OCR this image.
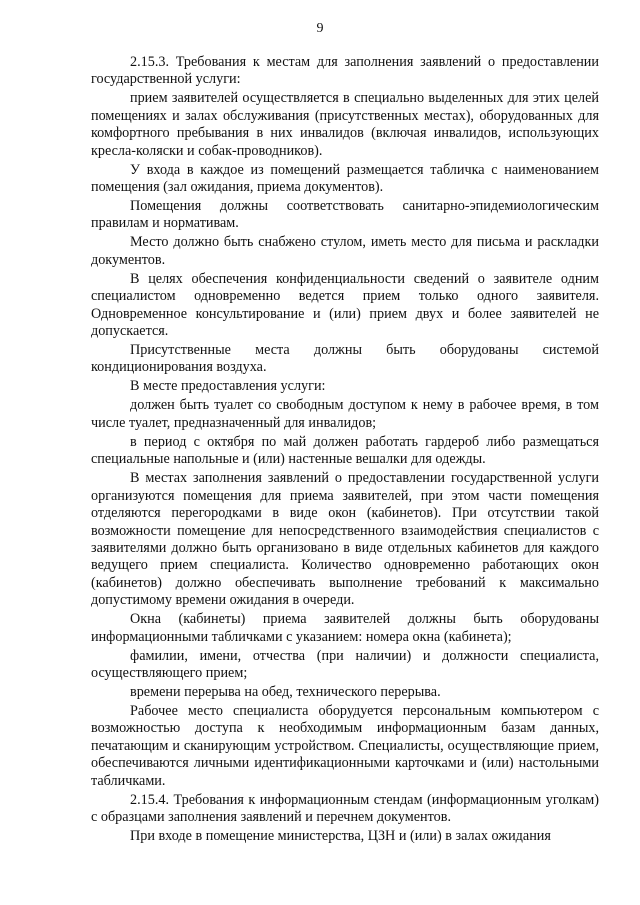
9

2.15.3. Требования к местам для заполнения заявлений о предоставлении государственной услуги:

прием заявителей осуществляется в специально выделенных для этих целей помещениях и залах обслуживания (присутственных местах), оборудованных для комфортного пребывания в них инвалидов (включая инвалидов, использующих кресла-коляски и собак-проводников).

У входа в каждое из помещений размещается табличка с наименованием помещения (зал ожидания, приема документов).

Помещения должны соответствовать санитарно-эпидемиологическим правилам и нормативам.

Место должно быть снабжено стулом, иметь место для письма и раскладки документов.

В целях обеспечения конфиденциальности сведений о заявителе одним специалистом одновременно ведется прием только одного заявителя. Одновременное консультирование и (или) прием двух и более заявителей не допускается.

Присутственные места должны быть оборудованы системой кондиционирования воздуха.

В месте предоставления услуги:

должен быть туалет со свободным доступом к нему в рабочее время, в том числе туалет, предназначенный для инвалидов;

в период с октября по май должен работать гардероб либо размещаться специальные напольные и (или) настенные вешалки для одежды.

В местах заполнения заявлений о предоставлении государственной услуги организуются помещения для приема заявителей, при этом части помещения отделяются перегородками в виде окон (кабинетов). При отсутствии такой возможности помещение для непосредственного взаимодействия специалистов с заявителями должно быть организовано в виде отдельных кабинетов для каждого ведущего прием специалиста. Количество одновременно работающих окон (кабинетов) должно обеспечивать выполнение требований к максимально допустимому времени ожидания в очереди.

Окна (кабинеты) приема заявителей должны быть оборудованы информационными табличками с указанием: номера окна (кабинета);

фамилии, имени, отчества (при наличии) и должности специалиста, осуществляющего прием;

времени перерыва на обед, технического перерыва.

Рабочее место специалиста оборудуется персональным компьютером с возможностью доступа к необходимым информационным базам данных, печатающим и сканирующим устройством. Специалисты, осуществляющие прием, обеспечиваются личными идентификационными карточками и (или) настольными табличками.

2.15.4. Требования к информационным стендам (информационным уголкам) с образцами заполнения заявлений и перечнем документов.

При входе в помещение министерства, ЦЗН и (или) в залах ожидания
